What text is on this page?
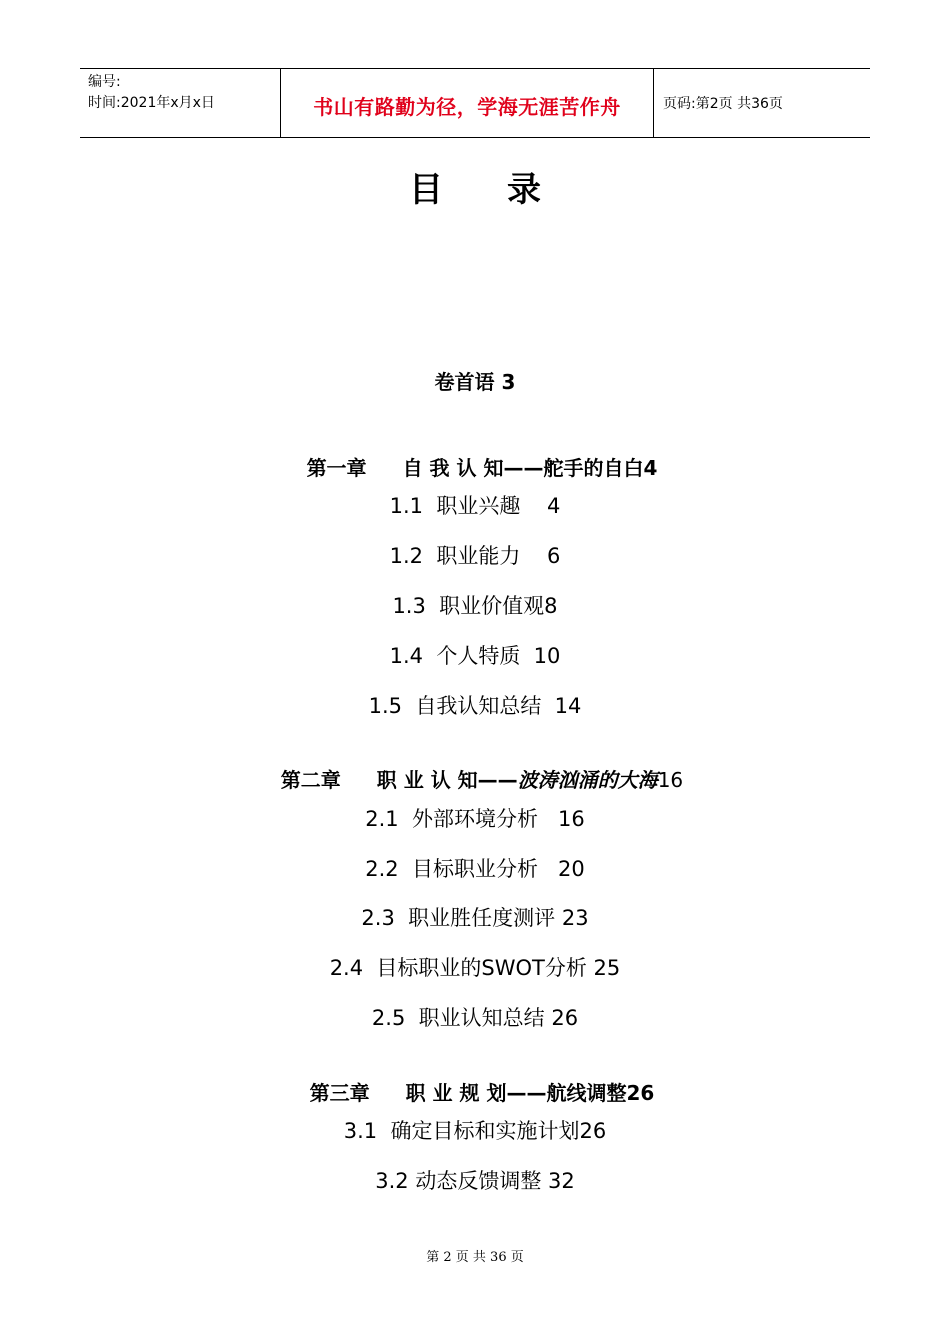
编号:
时间:2021年x月x日	书山有路勤为径，学海无涯苦作舟	页码:第2页 共36页
目录
卷首语 3

第一章 自 我 认 知——舵手的自白4

1.1  职业兴趣    4
1.2  职业能力    6
1.3  职业价值观8
1.4  个人特质  10
1.5  自我认知总结  14

第二章 职 业 认 知——波涛汹涌的大海16

2.1  外部环境分析   16
2.2  目标职业分析   20
2.3  职业胜任度测评 23
2.4  目标职业的SWOT分析 25
2.5  职业认知总结 26

第三章 职 业 规 划——航线调整26

3.1  确定目标和实施计划26
3.2 动态反馈调整 32
第 2 页 共 36 页
